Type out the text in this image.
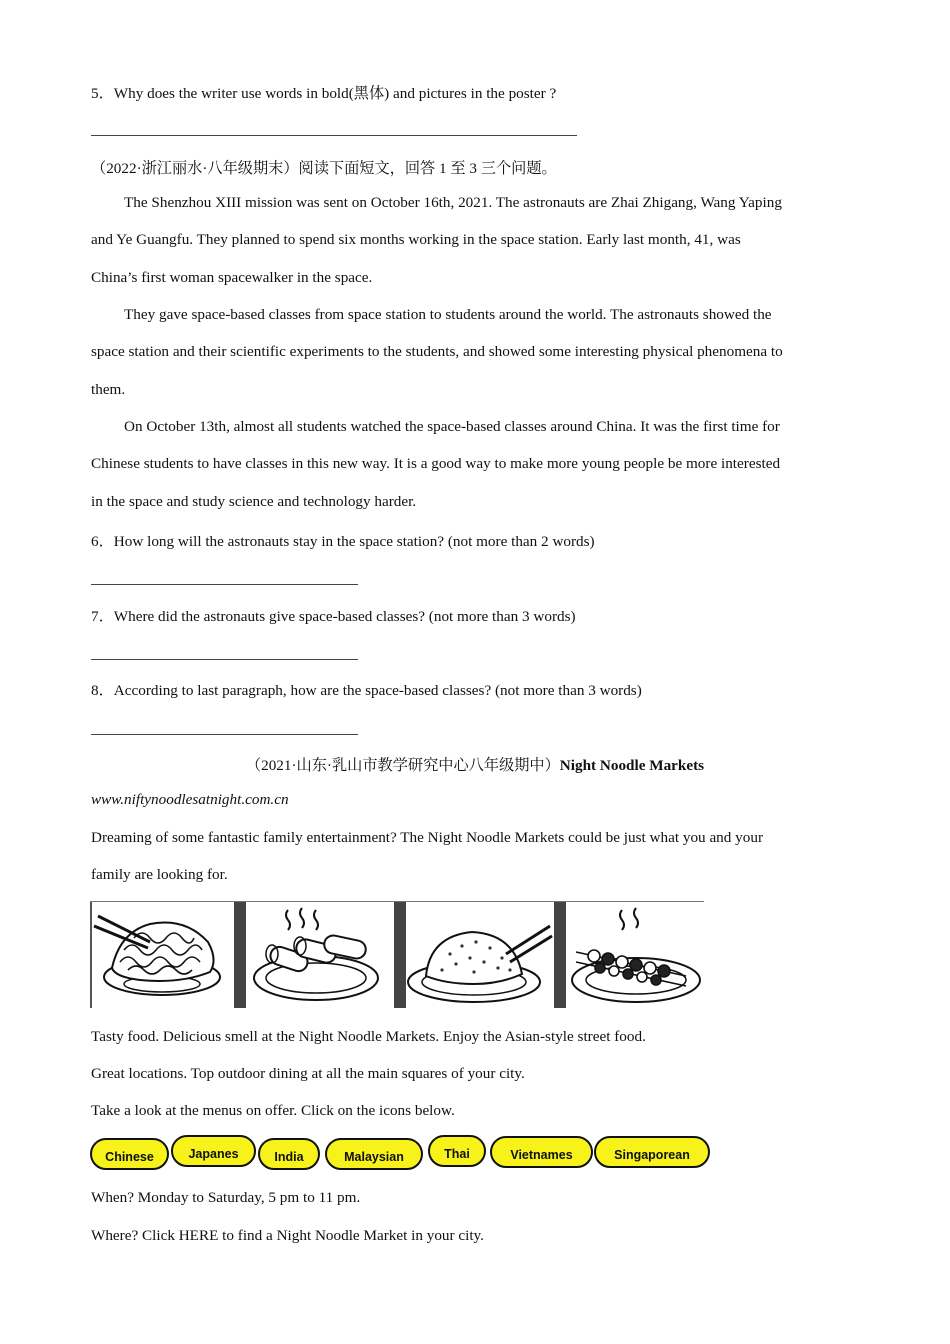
5．Why does the writer use words in bold(黑体) and pictures in the poster ?
（2022·浙江丽水·八年级期末）阅读下面短文，回答 1 至 3 三个问题。
The Shenzhou XIII mission was sent on October 16th, 2021. The astronauts are Zhai Zhigang, Wang Yaping
and Ye Guangfu. They planned to spend six months working in the space station. Early last month, 41, was
China’s first woman spacewalker in the space.
They gave space-based classes from space station to students around the world. The astronauts showed the
space station and their scientific experiments to the students, and showed some interesting physical phenomena to
them.
On October 13th, almost all students watched the space-based classes around China. It was the first time for
Chinese students to have classes in this new way. It is a good way to make more young people be more interested
in the space and study science and technology harder.
6．How long will the astronauts stay in the space station? (not more than 2 words)
7．Where did the astronauts give space-based classes? (not more than 3 words)
8．According to last paragraph, how are the space-based classes? (not more than 3 words)
（2021·山东·乳山市教学研究中心八年级期中）Night Noodle Markets
www.niftynoodlesatnight.com.cn
Dreaming of some fantastic family entertainment? The Night Noodle Markets could be just what you and your
family are looking for.
Tasty food. Delicious smell at the Night Noodle Markets. Enjoy the Asian-style street food.
Great locations. Top outdoor dining at all the main squares of your city.
Take a look at the menus on offer. Click on the icons below.
Chinese	Japanes	India	Malaysian	Thai	Vietnames	Singaporean
When? Monday to Saturday, 5 pm to 11 pm.
Where? Click HERE to find a Night Noodle Market in your city.
